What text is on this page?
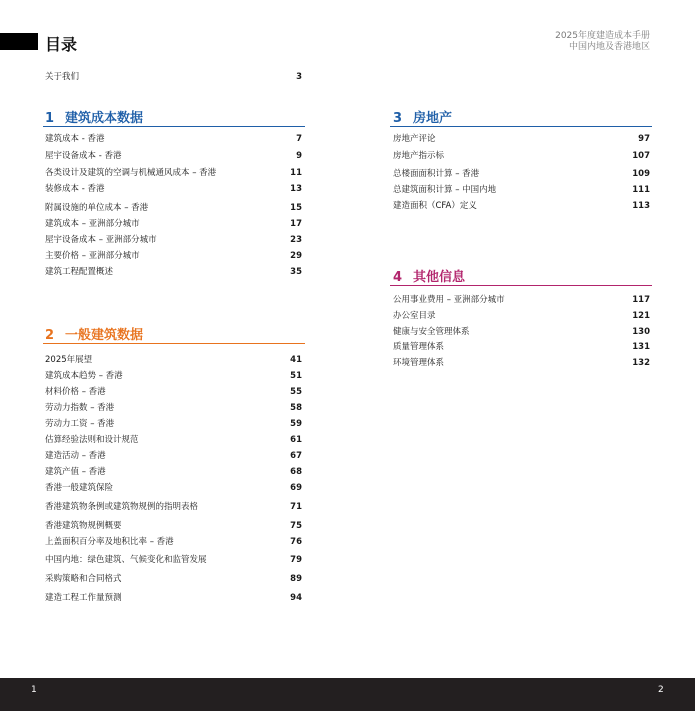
目录	2025年度建造成本手册
中国内地及香港地区
关于我们	3
1 建筑成本数据
建筑成本 - 香港	7
屋宇设备成本 - 香港	9
各类设计及建筑的空调与机械通风成本 – 香港	11
装修成本 - 香港	13
附属设施的单位成本 – 香港	15
建筑成本 – 亚洲部分城市	17
屋宇设备成本 – 亚洲部分城市	23
主要价格 – 亚洲部分城市	29
建筑工程配置概述	35
2 一般建筑数据
2025年展望	41
建筑成本趋势 – 香港	51
材料价格 – 香港	55
劳动力指数 – 香港	58
劳动力工资 – 香港	59
估算经验法则和设计规范	61
建造活动 – 香港	67
建筑产值 – 香港	68
香港一般建筑保险	69
香港建筑物条例或建筑物规例的指明表格	71
香港建筑物规例概要	75
上盖面积百分率及地积比率 – 香港	76
中国内地：绿色建筑、气候变化和监管发展	79
采购策略和合同格式	89
建造工程工作量预测	94
3 房地产
房地产评论	97
房地产指示标	107
总楼面面积计算 – 香港	109
总建筑面积计算 – 中国内地	111
建造面积（CFA）定义	113
4 其他信息
公用事业费用 – 亚洲部分城市	117
办公室目录	121
健康与安全管理体系	130
质量管理体系	131
环境管理体系	132
1	2
